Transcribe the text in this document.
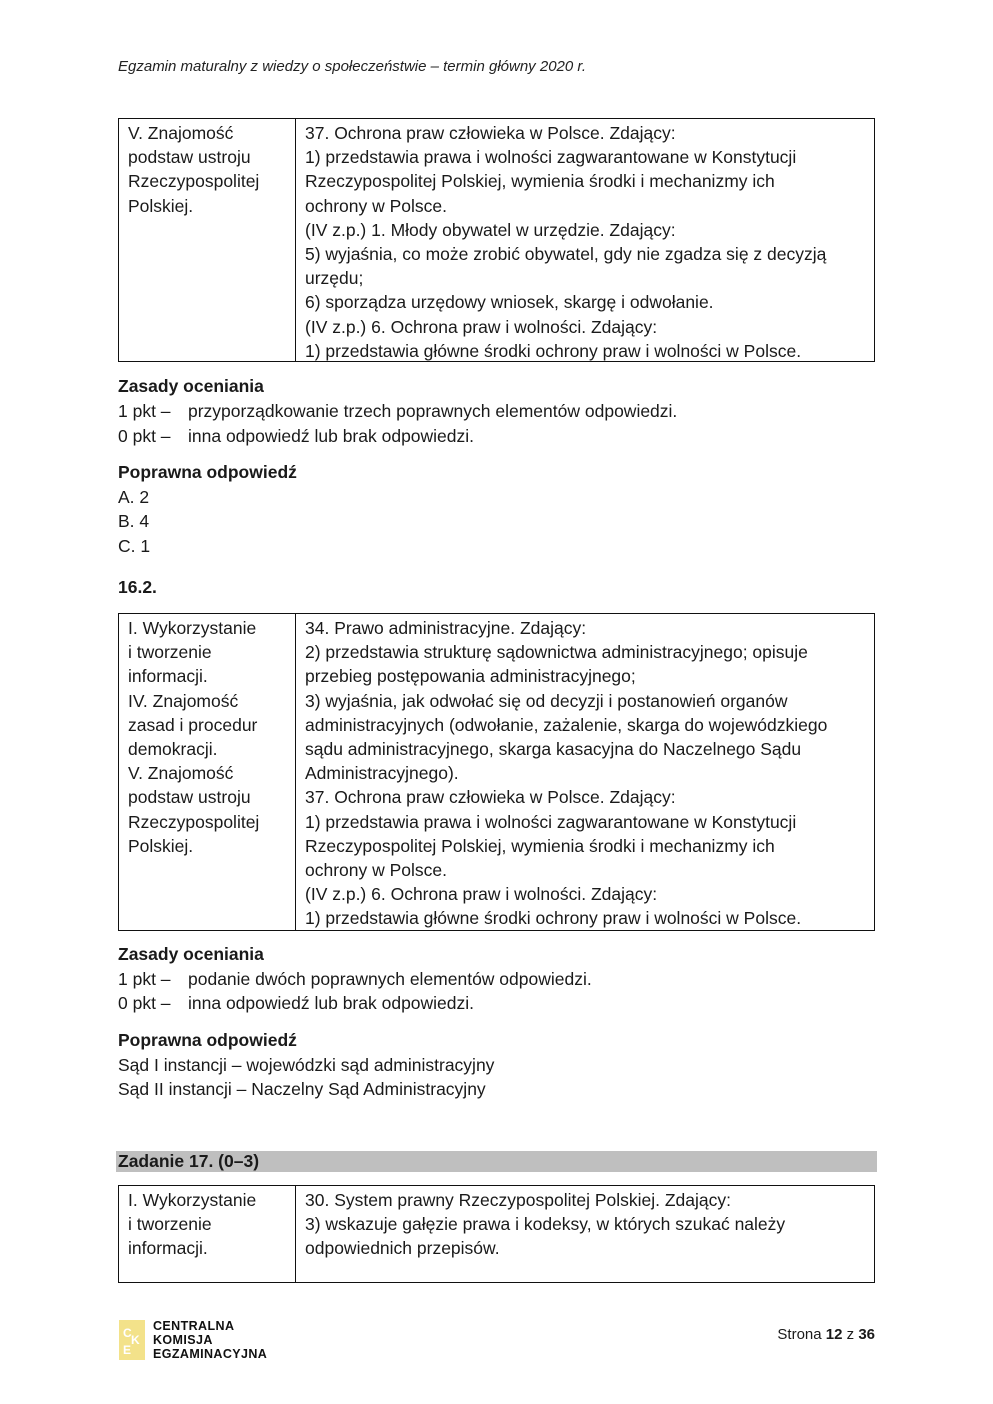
Egzamin maturalny z wiedzy o społeczeństwie – termin główny 2020 r.
V. Znajomość
podstaw ustroju
Rzeczypospolitej
Polskiej.
37. Ochrona praw człowieka w Polsce. Zdający:
1) przedstawia prawa i wolności zagwarantowane w Konstytucji
Rzeczypospolitej Polskiej, wymienia środki i mechanizmy ich
ochrony w Polsce.
(IV z.p.) 1. Młody obywatel w urzędzie. Zdający:
5) wyjaśnia, co może zrobić obywatel, gdy nie zgadza się z decyzją
urzędu;
6) sporządza urzędowy wniosek, skargę i odwołanie.
(IV z.p.) 6. Ochrona praw i wolności. Zdający:
1) przedstawia główne środki ochrony praw i wolności w Polsce.
Zasady oceniania
1 pkt – przyporządkowanie trzech poprawnych elementów odpowiedzi.
0 pkt – inna odpowiedź lub brak odpowiedzi.
Poprawna odpowiedź
A. 2
B. 4
C. 1
16.2.
I. Wykorzystanie
i tworzenie
informacji.
IV. Znajomość
zasad i procedur
demokracji.
V. Znajomość
podstaw ustroju
Rzeczypospolitej
Polskiej.
34. Prawo administracyjne. Zdający:
2) przedstawia strukturę sądownictwa administracyjnego; opisuje
przebieg postępowania administracyjnego;
3) wyjaśnia, jak odwołać się od decyzji i postanowień organów
administracyjnych (odwołanie, zażalenie, skarga do wojewódzkiego
sądu administracyjnego, skarga kasacyjna do Naczelnego Sądu
Administracyjnego).
37. Ochrona praw człowieka w Polsce. Zdający:
1) przedstawia prawa i wolności zagwarantowane w Konstytucji
Rzeczypospolitej Polskiej, wymienia środki i mechanizmy ich
ochrony w Polsce.
(IV z.p.) 6. Ochrona praw i wolności. Zdający:
1) przedstawia główne środki ochrony praw i wolności w Polsce.
Zasady oceniania
1 pkt – podanie dwóch poprawnych elementów odpowiedzi.
0 pkt – inna odpowiedź lub brak odpowiedzi.
Poprawna odpowiedź
Sąd I instancji – wojewódzki sąd administracyjny
Sąd II instancji – Naczelny Sąd Administracyjny
Zadanie 17. (0–3)
I. Wykorzystanie
i tworzenie
informacji.
30. System prawny Rzeczypospolitej Polskiej. Zdający:
3) wskazuje gałęzie prawa i kodeksy, w których szukać należy
odpowiednich przepisów.
C K
E
CENTRALNA
KOMISJA
EGZAMINACYJNA
Strona 12 z 36
